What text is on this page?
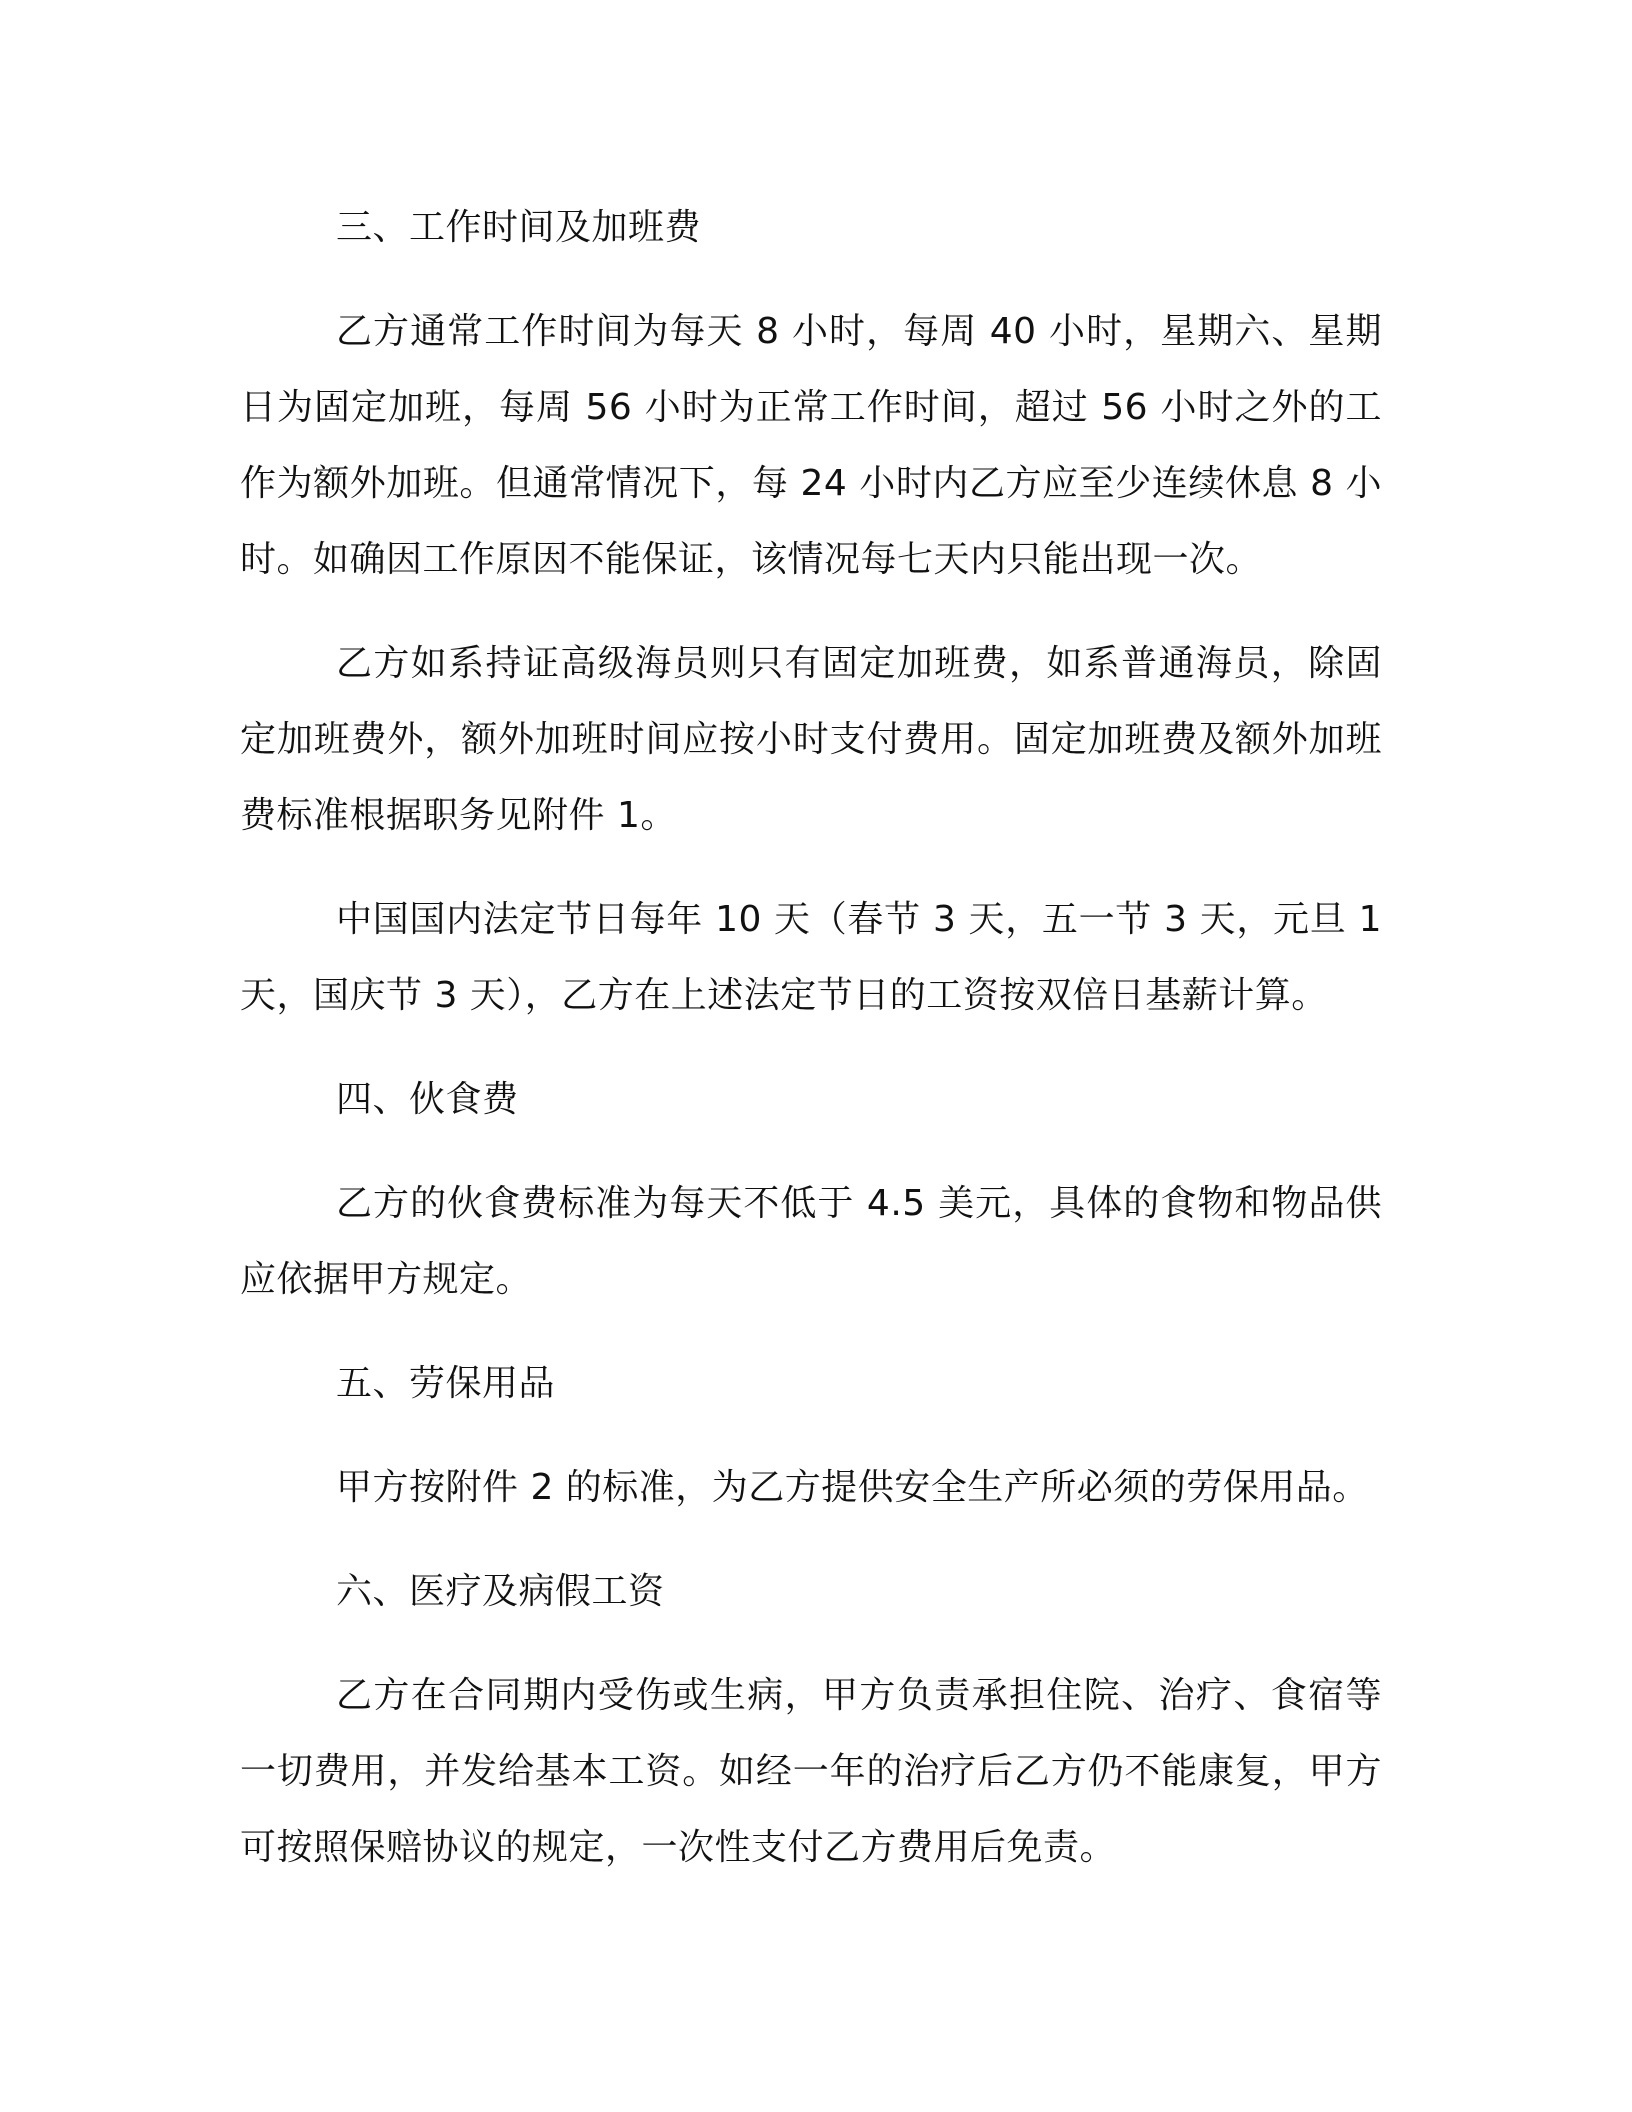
三、工作时间及加班费

乙方通常工作时间为每天 8 小时，每周 40 小时，星期六、星期日为固定加班，每周 56 小时为正常工作时间，超过 56 小时之外的工作为额外加班。但通常情况下，每 24 小时内乙方应至少连续休息 8 小时。如确因工作原因不能保证，该情况每七天内只能出现一次。

乙方如系持证高级海员则只有固定加班费，如系普通海员，除固定加班费外，额外加班时间应按小时支付费用。固定加班费及额外加班费标准根据职务见附件 1。

中国国内法定节日每年 10 天（春节 3 天，五一节 3 天，元旦 1 天，国庆节 3 天），乙方在上述法定节日的工资按双倍日基薪计算。

四、伙食费

乙方的伙食费标准为每天不低于 4.5 美元，具体的食物和物品供应依据甲方规定。

五、劳保用品

甲方按附件 2 的标准，为乙方提供安全生产所必须的劳保用品。

六、医疗及病假工资

乙方在合同期内受伤或生病，甲方负责承担住院、治疗、食宿等一切费用，并发给基本工资。如经一年的治疗后乙方仍不能康复，甲方可按照保赔协议的规定，一次性支付乙方费用后免责。
